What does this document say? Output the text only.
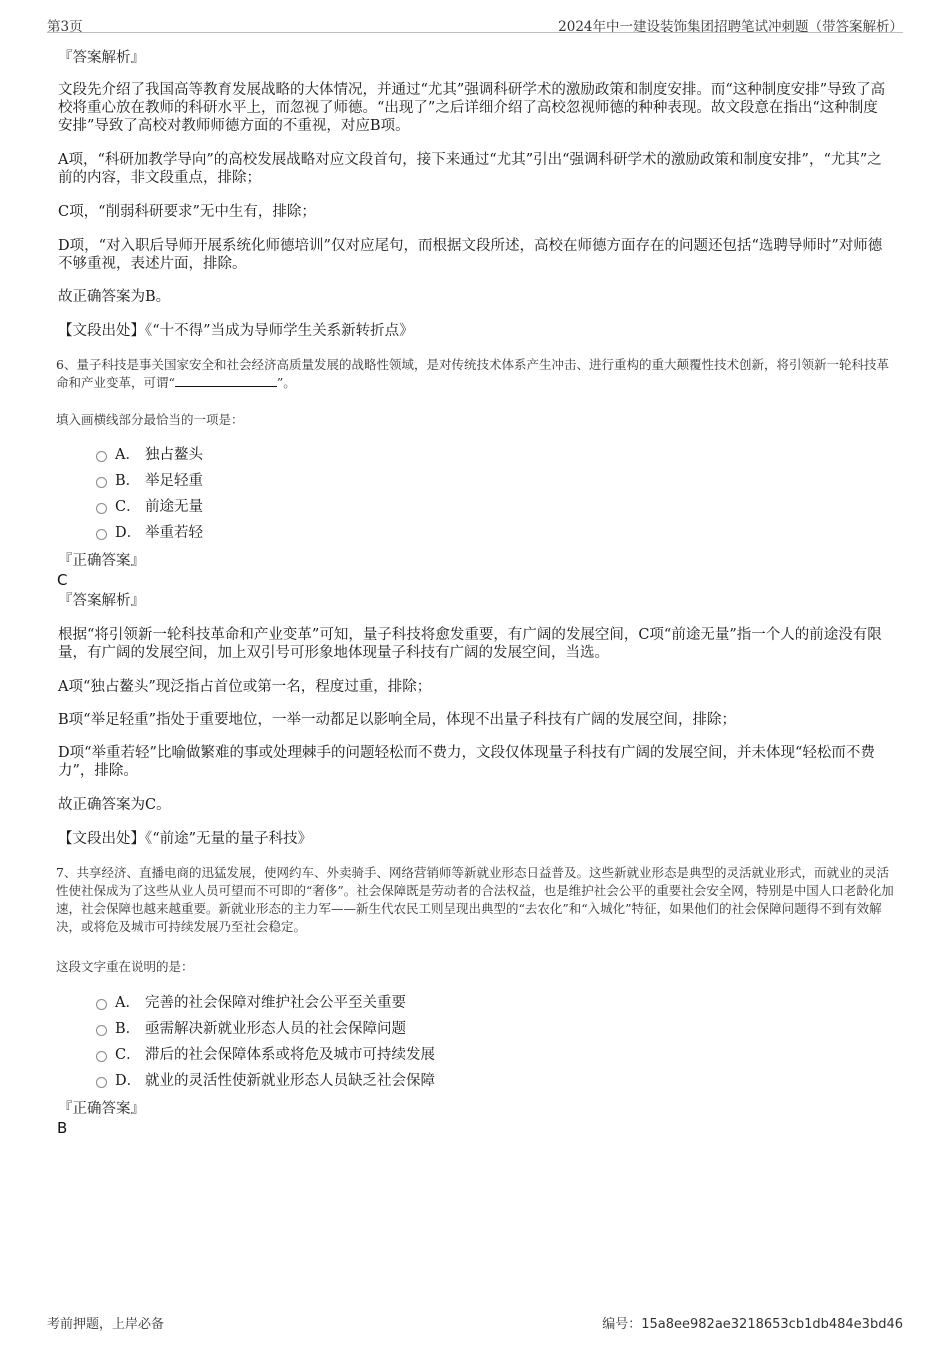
第3页	2024年中一建设装饰集团招聘笔试冲刺题（带答案解析）
『答案解析』

文段先介绍了我国高等教育发展战略的大体情况，并通过“尤其”强调科研学术的激励政策和制度安排。而“这种制度安排”导致了高校将重心放在教师的科研水平上，而忽视了师德。“出现了”之后详细介绍了高校忽视师德的种种表现。故文段意在指出“这种制度安排”导致了高校对教师师德方面的不重视，对应B项。

A项，“科研加教学导向”的高校发展战略对应文段首句，接下来通过“尤其”引出“强调科研学术的激励政策和制度安排”，“尤其”之前的内容，非文段重点，排除；

C项，“削弱科研要求”无中生有，排除；

D项，“对入职后导师开展系统化师德培训”仅对应尾句，而根据文段所述，高校在师德方面存在的问题还包括“选聘导师时”对师德不够重视，表述片面，排除。

故正确答案为B。

【文段出处】《“十不得”当成为导师学生关系新转折点》

6、量子科技是事关国家安全和社会经济高质量发展的战略性领域，是对传统技术体系产生冲击、进行重构的重大颠覆性技术创新，将引领新一轮科技革命和产业变革，可谓“	”。

填入画横线部分最恰当的一项是：
A． 独占鳌头
B． 举足轻重
C． 前途无量
D． 举重若轻
『正确答案』
C
『答案解析』

根据“将引领新一轮科技革命和产业变革”可知，量子科技将愈发重要，有广阔的发展空间，C项“前途无量”指一个人的前途没有限量，有广阔的发展空间，加上双引号可形象地体现量子科技有广阔的发展空间，当选。

A项“独占鳌头”现泛指占首位或第一名，程度过重，排除；

B项“举足轻重”指处于重要地位，一举一动都足以影响全局，体现不出量子科技有广阔的发展空间，排除；

D项“举重若轻”比喻做繁难的事或处理棘手的问题轻松而不费力，文段仅体现量子科技有广阔的发展空间，并未体现“轻松而不费力”，排除。

故正确答案为C。

【文段出处】《“前途”无量的量子科技》

7、共享经济、直播电商的迅猛发展，使网约车、外卖骑手、网络营销师等新就业形态日益普及。这些新就业形态是典型的灵活就业形式，而就业的灵活性使社保成为了这些从业人员可望而不可即的“奢侈”。社会保障既是劳动者的合法权益，也是维护社会公平的重要社会安全网，特别是中国人口老龄化加速，社会保障也越来越重要。新就业形态的主力军——新生代农民工则呈现出典型的“去农化”和“入城化”特征，如果他们的社会保障问题得不到有效解决，或将危及城市可持续发展乃至社会稳定。

这段文字重在说明的是：
A． 完善的社会保障对维护社会公平至关重要
B． 亟需解决新就业形态人员的社会保障问题
C． 滞后的社会保障体系或将危及城市可持续发展
D． 就业的灵活性使新就业形态人员缺乏社会保障
『正确答案』
B
考前押题，上岸必备	编号：15a8ee982ae3218653cb1db484e3bd46
